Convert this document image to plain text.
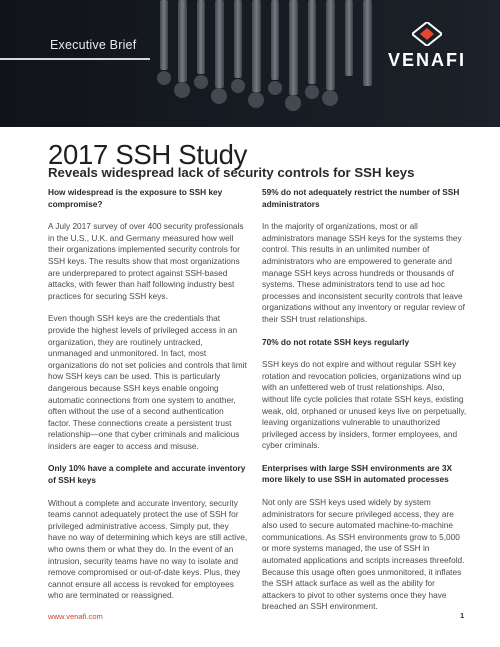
Executive Brief
VENAFI
2017 SSH Study
Reveals widespread lack of security controls for SSH keys
How widespread is the exposure to SSH key compromise?

A July 2017 survey of over 400 security professionals in the U.S., U.K. and Germany measured how well their organizations implemented security controls for SSH keys. The results show that most organizations are underprepared to protect against SSH-based attacks, with fewer than half following industry best practices for securing SSH keys.

Even though SSH keys are the credentials that provide the highest levels of privileged access in an organization, they are routinely untracked, unmanaged and unmonitored. In fact, most organizations do not set policies and controls that limit how SSH keys can be used. This is particularly dangerous because SSH keys enable ongoing automatic connections from one system to another, often without the use of a second authentication factor. These connections create a persistent trust relationship—one that cyber criminals and malicious insiders are eager to access and misuse.

Only 10% have a complete and accurate inventory of SSH keys

Without a complete and accurate inventory, security teams cannot adequately protect the use of SSH for privileged administrative access. Simply put, they have no way of determining which keys are still active, who owns them or what they do. In the event of an intrusion, security teams have no way to isolate and remove compromised or out-of-date keys. Plus, they cannot ensure all access is revoked for employees who are terminated or reassigned.

59% do not adequately restrict the number of SSH administrators

In the majority of organizations, most or all administrators manage SSH keys for the systems they control. This results in an unlimited number of administrators who are empowered to generate and manage SSH keys across hundreds or thousands of systems. These administrators tend to use ad hoc processes and inconsistent security controls that leave organizations without any inventory or regular review of their SSH trust relationships.

70% do not rotate SSH keys regularly

SSH keys do not expire and without regular SSH key rotation and revocation policies, organizations wind up with an unfettered web of trust relationships. Also, without life cycle policies that rotate SSH keys, existing weak, old, orphaned or unused keys live on perpetually, leaving organizations vulnerable to unauthorized privileged access by insiders, former employees, and cyber criminals.

Enterprises with large SSH environments are 3X more likely to use SSH in automated processes

Not only are SSH keys used widely by system administrators for secure privileged access, they are also used to secure automated machine-to-machine communications. As SSH environments grow to 5,000 or more systems managed, the use of SSH in automated applications and scripts increases threefold. Because this usage often goes unmonitored, it inflates the SSH attack surface as well as the ability for attackers to pivot to other systems once they have breached an SSH environment.

www.venafi.com	1
